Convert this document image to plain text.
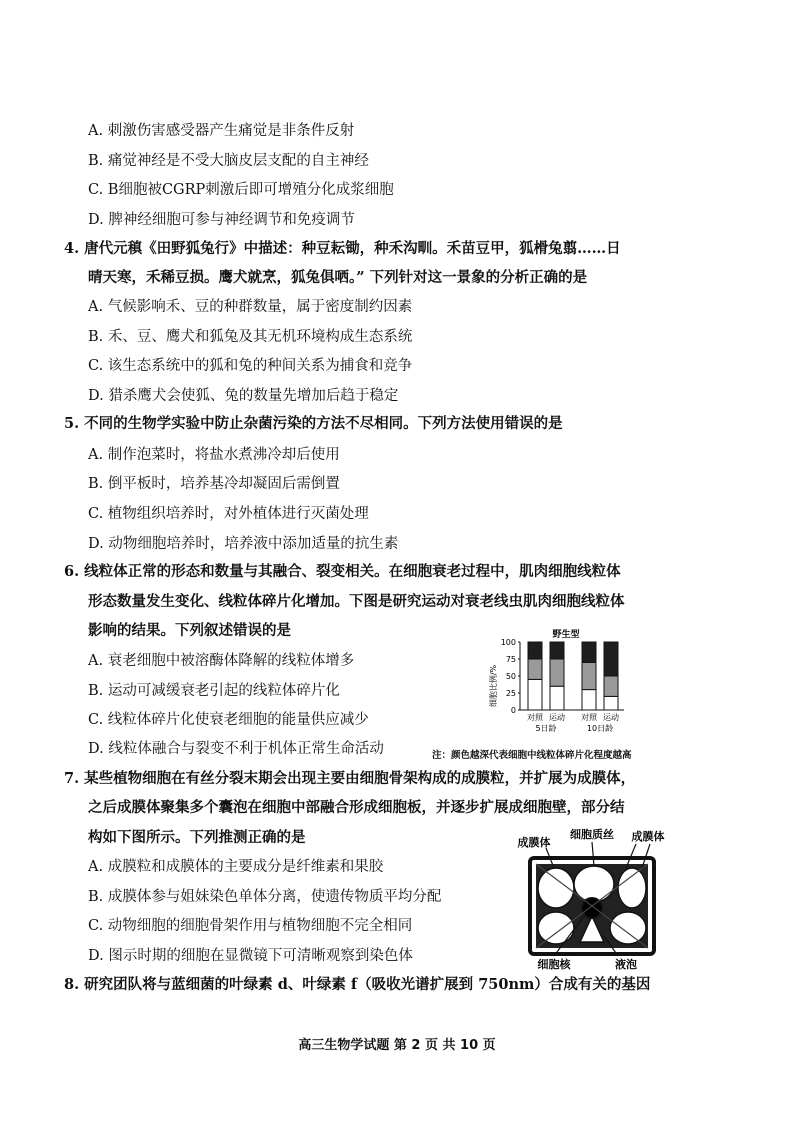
A. 刺激伤害感受器产生痛觉是非条件反射
B. 痛觉神经是不受大脑皮层支配的自主神经
C. B细胞被CGRP刺激后即可增殖分化成浆细胞
D. 脾神经细胞可参与神经调节和免疫调节
4. 唐代元稹《田野狐兔行》中描述：种豆耘锄，种禾沟甽。禾苗豆甲，狐榾兔翦……日
晴天寒，禾稀豆损。鹰犬就烹，狐兔俱哂。” 下列针对这一景象的分析正确的是
A. 气候影响禾、豆的种群数量，属于密度制约因素
B. 禾、豆、鹰犬和狐兔及其无机环境构成生态系统
C. 该生态系统中的狐和兔的种间关系为捕食和竞争
D. 猎杀鹰犬会使狐、兔的数量先增加后趋于稳定
5. 不同的生物学实验中防止杂菌污染的方法不尽相同。下列方法使用错误的是
A. 制作泡菜时，将盐水煮沸冷却后使用
B. 倒平板时，培养基冷却凝固后需倒置
C. 植物组织培养时，对外植体进行灭菌处理
D. 动物细胞培养时，培养液中添加适量的抗生素
6. 线粒体正常的形态和数量与其融合、裂变相关。在细胞衰老过程中，肌肉细胞线粒体
形态数量发生变化、线粒体碎片化增加。下图是研究运动对衰老线虫肌肉细胞线粒体
影响的结果。下列叙述错误的是
A. 衰老细胞中被溶酶体降解的线粒体增多
B. 运动可减缓衰老引起的线粒体碎片化
C. 线粒体碎片化使衰老细胞的能量供应减少
D. 线粒体融合与裂变不利于机体正常生命活动
野生型
细胞比例/%
100
75
50
25
0
对照 运动 对照 运动
5日龄	10日龄
注：颜色越深代表细胞中线粒体碎片化程度越高
7. 某些植物细胞在有丝分裂末期会出现主要由细胞骨架构成的成膜粒，并扩展为成膜体，
之后成膜体聚集多个囊泡在细胞中部融合形成细胞板，并逐步扩展成细胞壁，部分结
构如下图所示。下列推测正确的是
A. 成膜粒和成膜体的主要成分是纤维素和果胶
B. 成膜体参与姐妹染色单体分离，使遗传物质平均分配
C. 动物细胞的细胞骨架作用与植物细胞不完全相同
D. 图示时期的细胞在显微镜下可清晰观察到染色体
成膜体
细胞质丝 成膜体
细胞核	液泡
8. 研究团队将与蓝细菌的叶绿素 d、叶绿素 f（吸收光谱扩展到 750nm）合成有关的基因
高三生物学试题 第 2 页 共 10 页
